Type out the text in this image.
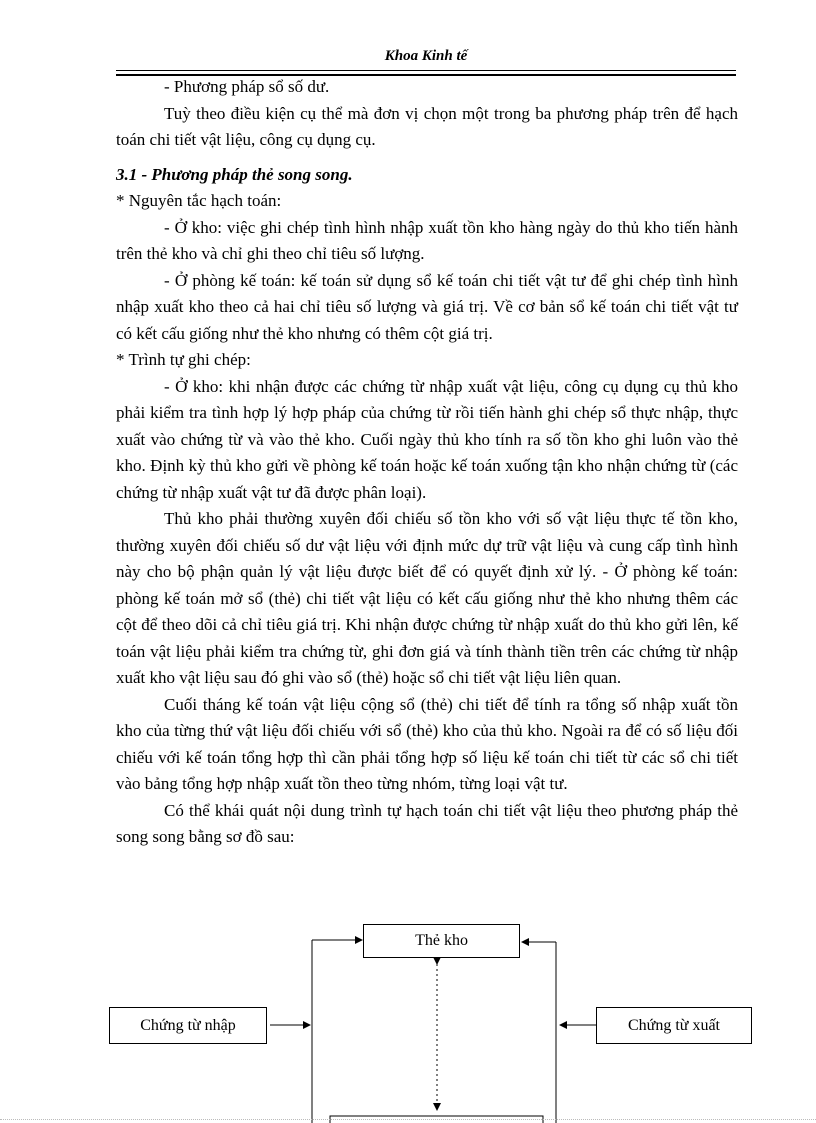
Khoa Kinh tế

- Phương pháp sổ số dư.

Tuỳ theo điều kiện cụ thể mà đơn vị chọn một trong ba phương pháp trên để hạch toán chi tiết vật liệu, công cụ dụng cụ.

3.1 - Phương pháp thẻ song song.

* Nguyên tắc hạch toán:

- Ở kho: việc ghi chép tình hình nhập xuất tồn kho hàng ngày do thủ kho tiến hành trên thẻ kho và chỉ ghi theo chỉ tiêu số lượng.

- Ở phòng kế toán: kế toán sử dụng sổ kế toán chi tiết vật tư để ghi chép tình hình nhập xuất kho theo cả hai chỉ tiêu số lượng và giá trị. Về cơ bản sổ kế toán chi tiết vật tư có kết cấu giống như thẻ kho nhưng có thêm cột giá trị.

* Trình tự ghi chép:

- Ở kho: khi nhận được các chứng từ nhập xuất vật liệu, công cụ dụng cụ thủ kho phải kiểm tra tình hợp lý hợp pháp của chứng từ rồi tiến hành ghi chép sổ thực nhập, thực xuất vào chứng từ và vào thẻ kho. Cuối ngày thủ kho tính ra số tồn kho ghi luôn vào thẻ kho. Định kỳ thủ kho gửi về phòng kế toán hoặc kế toán xuống tận kho nhận chứng từ (các chứng từ nhập xuất vật tư đã được phân loại).

Thủ kho phải thường xuyên đối chiếu số tồn kho với số vật liệu thực tế tồn kho, thường xuyên đối chiếu số dư vật liệu với định mức dự trữ vật liệu và cung cấp tình hình này cho bộ phận quản lý vật liệu được biết để có quyết định xử lý. - Ở phòng kế toán: phòng kế toán mở sổ (thẻ) chi tiết vật liệu có kết cấu giống như thẻ kho nhưng thêm các cột để theo dõi cả chỉ tiêu giá trị. Khi nhận được chứng từ nhập xuất do thủ kho gửi lên, kế toán vật liệu phải kiểm tra chứng từ, ghi đơn giá và tính thành tiền trên các chứng từ nhập xuất kho vật liệu sau đó ghi vào sổ (thẻ) hoặc sổ chi tiết vật liệu liên quan.

Cuối tháng kế toán vật liệu cộng sổ (thẻ) chi tiết để tính ra tổng số nhập xuất tồn kho của từng thứ vật liệu đối chiếu với sổ (thẻ) kho của thủ kho. Ngoài ra để có số liệu đối chiếu với kế toán tổng hợp thì cần phải tổng hợp số liệu kế toán chi tiết từ các sổ chi tiết vào bảng tổng hợp nhập xuất tồn theo từng nhóm, từng loại vật tư.

Có thể khái quát nội dung trình tự hạch toán chi tiết vật liệu theo phương pháp thẻ song song bằng sơ đồ sau:

Thẻ kho
Chứng từ nhập	Chứng từ xuất
